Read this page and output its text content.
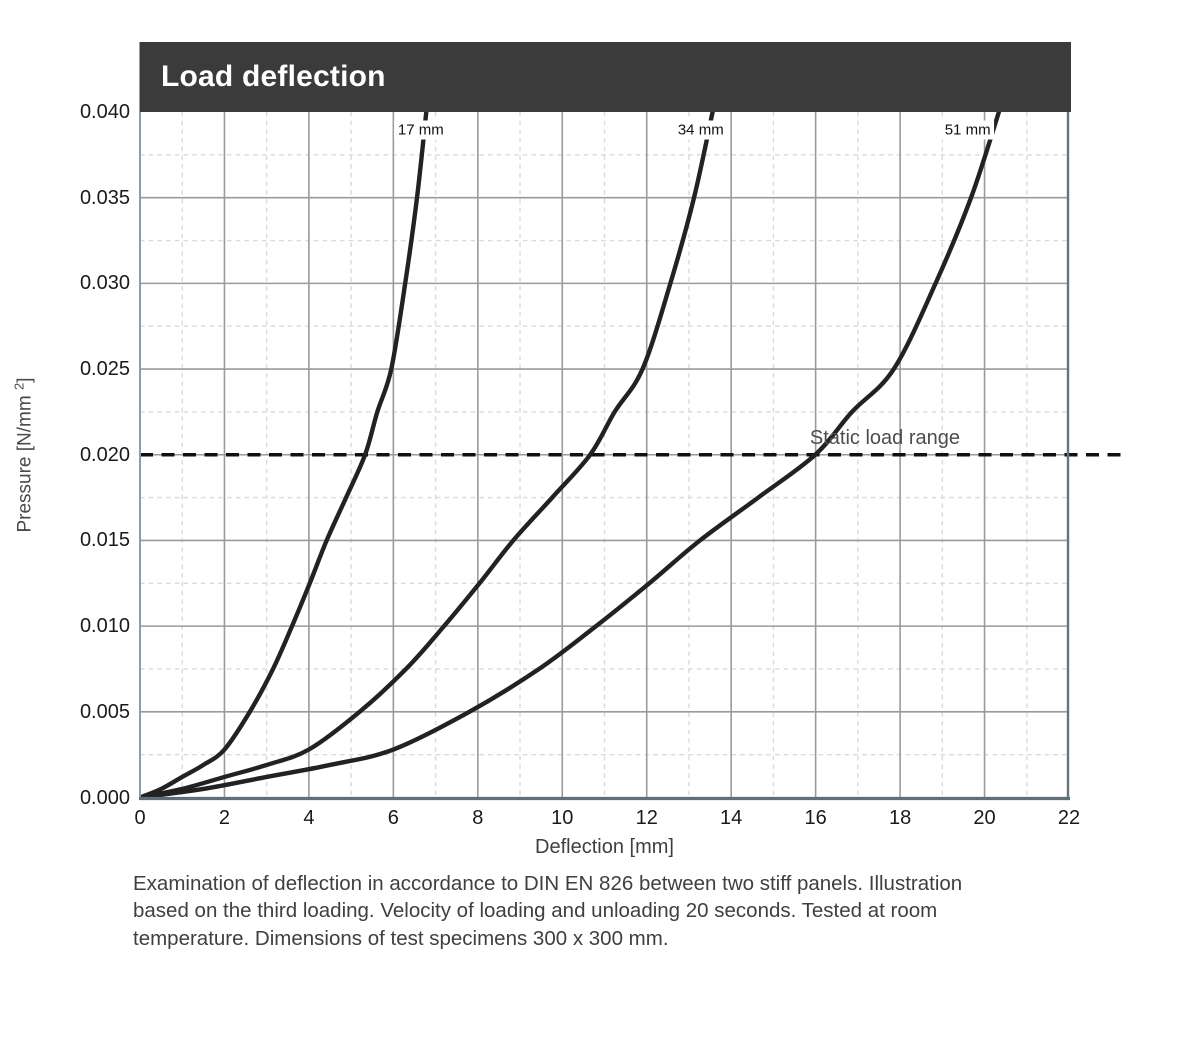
Load deflection
Pressure [N/mm $^2$]
Deflection [mm]
Static load range
0.000
0.005
0.010
0.015
0.020
0.025
0.030
0.035
0.040
0	2	4	6	8	10	12	14	16	18	20	22
17 mm	34 mm	51 mm
Examination of deflection in accordance to DIN EN 826 between two stiff panels. Illustration
based on the third loading. Velocity of loading and unloading 20 seconds. Tested at room
temperature. Dimensions of test specimens 300 x 300 mm.
